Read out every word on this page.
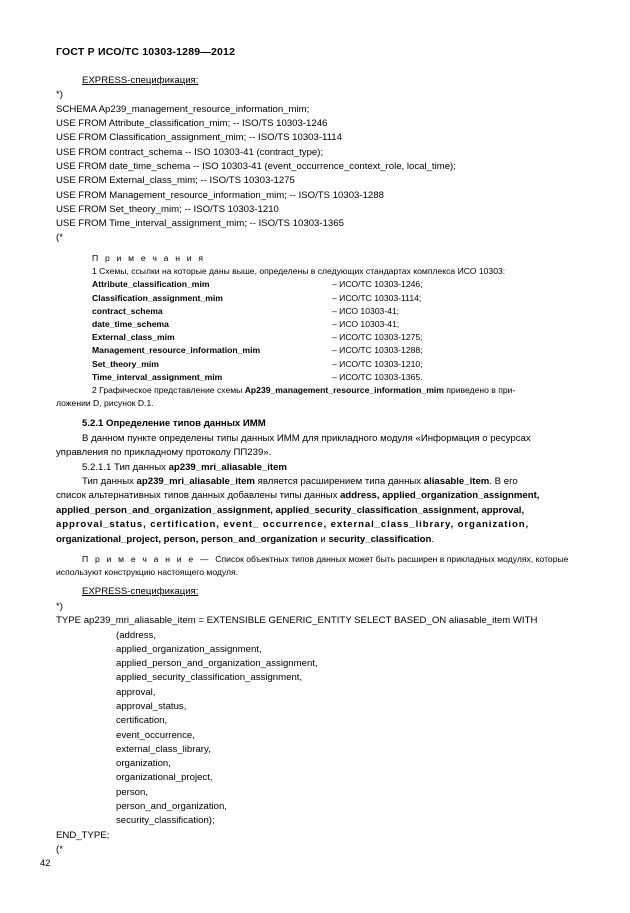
ГОСТ Р ИСО/ТС 10303-1289—2012
EXPRESS-спецификация:
*)
SCHEMA Ap239_management_resource_information_mim;
USE FROM Attribute_classification_mim; -- ISO/TS 10303-1246
USE FROM Classification_assignment_mim; -- ISO/TS 10303-1114
USE FROM contract_schema -- ISO 10303-41 (contract_type);
USE FROM date_time_schema -- ISO 10303-41 (event_occurrence_context_role, local_time);
USE FROM External_class_mim; -- ISO/TS 10303-1275
USE FROM Management_resource_information_mim; -- ISO/TS 10303-1288
USE FROM Set_theory_mim; -- ISO/TS 10303-1210
USE FROM Time_interval_assignment_mim; -- ISO/TS 10303-1365
(*
П р и м е ч а н и я
1 Схемы, ссылки на которые даны выше, определены в следующих стандартах комплекса ИСО 10303:
Attribute_classification_mim	– ИСО/ТС 10303-1246;
Classification_assignment_mim	– ИСО/ТС 10303-1114;
contract_schema	– ИСО 10303-41;
date_time_schema	– ИСО 10303-41;
External_class_mim	– ИСО/ТС 10303-1275;
Management_resource_information_mim	– ИСО/ТС 10303-1288;
Set_theory_mim	– ИСО/ТС 10303-1210;
Time_interval_assignment_mim	– ИСО/ТС 10303-1365.
2 Графическое представление схемы Ap239_management_resource_information_mim приведено в при-
ложении D, рисунок D.1.
5.2.1 Определение типов данных ИММ
В данном пункте определены типы данных ИММ для прикладного модуля «Информация о ресурсах
управления по прикладному протоколу ПП239».
5.2.1.1 Тип данных ap239_mri_aliasable_item
Тип данных ap239_mri_aliasable_item является расширением типа данных aliasable_item. В его
список альтернативных типов данных добавлены типы данных address, applied_organization_assignment,
applied_person_and_organization_assignment, applied_security_classification_assignment, approval,
approval_status, certification, event_ occurrence, external_class_library, organization,
organizational_project, person, person_and_organization и security_classification.
П р и м е ч а н и е — Список объектных типов данных может быть расширен в прикладных модулях, которые
используют конструкцию настоящего модуля.
EXPRESS-спецификация:
*)
TYPE ap239_mri_aliasable_item = EXTENSIBLE GENERIC_ENTITY SELECT BASED_ON aliasable_item WITH
(address,
applied_organization_assignment,
applied_person_and_organization_assignment,
applied_security_classification_assignment,
approval,
approval_status,
certification,
event_occurrence,
external_class_library,
organization,
organizational_project,
person,
person_and_organization,
security_classification);
END_TYPE;
(*
42
